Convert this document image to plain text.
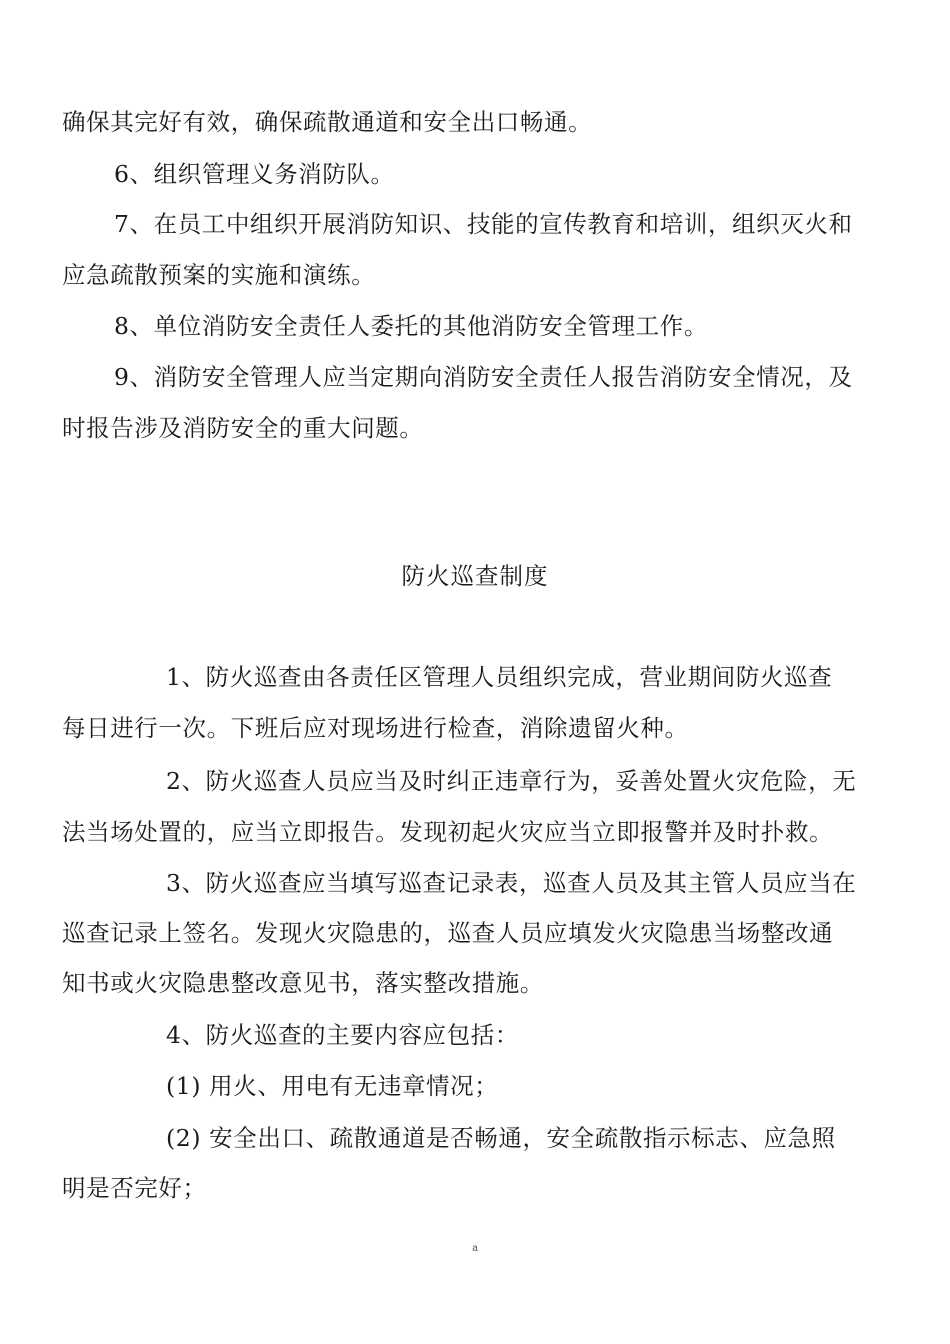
确保其完好有效，确保疏散通道和安全出口畅通。

6、组织管理义务消防队。

7、在员工中组织开展消防知识、技能的宣传教育和培训，组织灭火和

应急疏散预案的实施和演练。

8、单位消防安全责任人委托的其他消防安全管理工作。

9、消防安全管理人应当定期向消防安全责任人报告消防安全情况，及

时报告涉及消防安全的重大问题。

防火巡查制度

1、防火巡查由各责任区管理人员组织完成，营业期间防火巡查

每日进行一次。下班后应对现场进行检查，消除遗留火种。

2、防火巡查人员应当及时纠正违章行为，妥善处置火灾危险，无

法当场处置的，应当立即报告。发现初起火灾应当立即报警并及时扑救。

3、防火巡查应当填写巡查记录表，巡查人员及其主管人员应当在

巡查记录上签名。发现火灾隐患的，巡查人员应填发火灾隐患当场整改通

知书或火灾隐患整改意见书，落实整改措施。

4、防火巡查的主要内容应包括：

(1) 用火、用电有无违章情况；

(2) 安全出口、疏散通道是否畅通，安全疏散指示标志、应急照

明是否完好；

a
